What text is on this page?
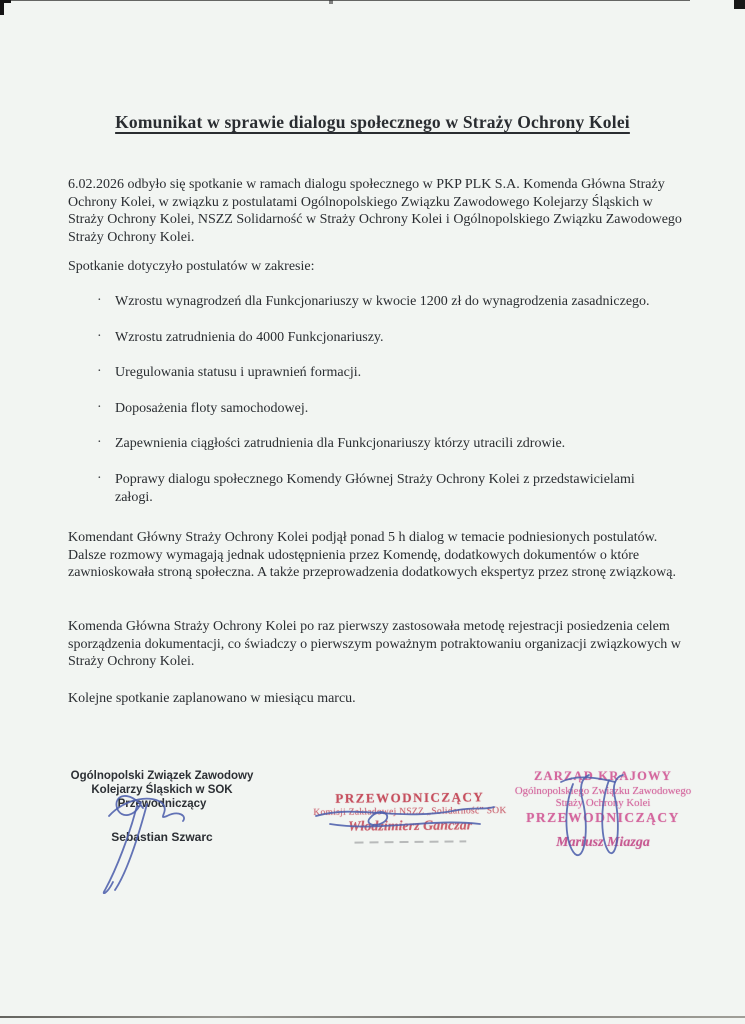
Komunikat w sprawie dialogu społecznego w Straży Ochrony Kolei

6.02.2026 odbyło się spotkanie w ramach dialogu społecznego w PKP PLK S.A. Komenda Główna Straży Ochrony Kolei, w związku z postulatami Ogólnopolskiego Związku Zawodowego Kolejarzy Śląskich w Straży Ochrony Kolei, NSZZ Solidarność w Straży Ochrony Kolei i Ogólnopolskiego Związku Zawodowego Straży Ochrony Kolei.

Spotkanie dotyczyło postulatów w zakresie:

· Wzrostu wynagrodzeń dla Funkcjonariuszy w kwocie 1200 zł do wynagrodzenia zasadniczego.
· Wzrostu zatrudnienia do 4000 Funkcjonariuszy.
· Uregulowania statusu i uprawnień formacji.
· Doposażenia floty samochodowej.
· Zapewnienia ciągłości zatrudnienia dla Funkcjonariuszy którzy utracili zdrowie.
· Poprawy dialogu społecznego Komendy Głównej Straży Ochrony Kolei z przedstawicielami załogi.

Komendant Główny Straży Ochrony Kolei podjął ponad 5 h dialog w temacie podniesionych postulatów. Dalsze rozmowy wymagają jednak udostępnienia przez Komendę, dodatkowych dokumentów o które zawnioskowała stroną społeczna. A także przeprowadzenia dodatkowych ekspertyz przez stronę związkową.

Komenda Główna Straży Ochrony Kolei po raz pierwszy zastosowała metodę rejestracji posiedzenia celem sporządzenia dokumentacji, co świadczy o pierwszym poważnym potraktowaniu organizacji związkowych w Straży Ochrony Kolei.

Kolejne spotkanie zaplanowano w miesiącu marcu.

Ogólnopolski Związek Zawodowy
Kolejarzy Śląskich w SOK
Przewodniczący
Sebastian Szwarc
PRZEWODNICZĄCY
Komisji Zakładowej NSZZ „Solidarność” SOK
Włodzimierz Ganczar
ZARZĄD KRAJOWY
Ogólnopolskiego Związku Zawodowego
Straży Ochrony Kolei
PRZEWODNICZĄCY
Mariusz Miazga
